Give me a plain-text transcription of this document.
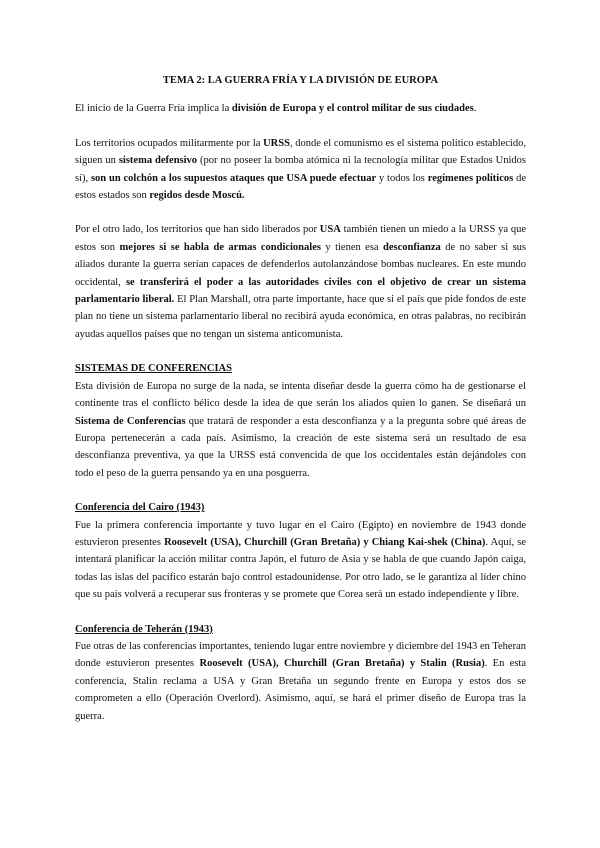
TEMA 2: LA GUERRA FRÍA Y LA DIVISIÓN DE EUROPA

El inicio de la Guerra Fría implica la división de Europa y el control militar de sus ciudades.

Los territorios ocupados militarmente por la URSS, donde el comunismo es el sistema político establecido, siguen un sistema defensivo (por no poseer la bomba atómica ni la tecnología militar que Estados Unidos sí), son un colchón a los supuestos ataques que USA puede efectuar y todos los regímenes políticos de estos estados son regidos desde Moscú.

Por el otro lado, los territorios que han sido liberados por USA también tienen un miedo a la URSS ya que estos son mejores si se habla de armas condicionales y tienen esa desconfianza de no saber si sus aliados durante la guerra serían capaces de defenderlos autolanzándose bombas nucleares. En este mundo occidental, se transferirá el poder a las autoridades civiles con el objetivo de crear un sistema parlamentario liberal. El Plan Marshall, otra parte importante, hace que si el país que pide fondos de este plan no tiene un sistema parlamentario liberal no recibirá ayuda económica, en otras palabras, no recibirán ayudas aquellos países que no tengan un sistema anticomunista.

SISTEMAS DE CONFERENCIAS

Esta división de Europa no surge de la nada, se intenta diseñar desde la guerra cómo ha de gestionarse el continente tras el conflicto bélico desde la idea de que serán los aliados quien lo ganen. Se diseñará un Sistema de Conferencias que tratará de responder a esta desconfianza y a la pregunta sobre qué áreas de Europa pertenecerán a cada país. Asimismo, la creación de este sistema será un resultado de esa desconfianza preventiva, ya que la URSS está convencida de que los occidentales están dejándoles con todo el peso de la guerra pensando ya en una posguerra.

Conferencia del Cairo (1943)

Fue la primera conferencia importante y tuvo lugar en el Cairo (Egipto) en noviembre de 1943 donde estuvieron presentes Roosevelt (USA), Churchill (Gran Bretaña) y Chiang Kai-shek (China). Aquí, se intentará planificar la acción militar contra Japón, el futuro de Asia y se habla de que cuando Japón caiga, todas las islas del pacífico estarán bajo control estadounidense. Por otro lado, se le garantiza al líder chino que su país volverá a recuperar sus fronteras y se promete que Corea será un estado independiente y libre.

Conferencia de Teherán (1943)

Fue otras de las conferencias importantes, teniendo lugar entre noviembre y diciembre del 1943 en Teheran donde estuvieron presentes Roosevelt (USA), Churchill (Gran Bretaña) y Stalin (Rusia). En esta conferencia, Stalin reclama a USA y Gran Bretaña un segundo frente en Europa y estos dos se comprometen a ello (Operación Overlord). Asimismo, aquí, se hará el primer diseño de Europa tras la guerra.
